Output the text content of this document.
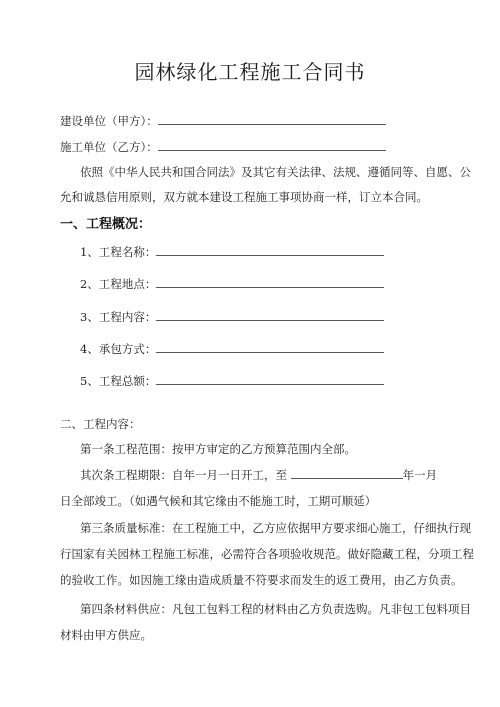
园林绿化工程施工合同书
建设单位（甲方）：
施工单位（乙方）：
依照《中华人民共和国合同法》及其它有关法律、法规、遵循同等、自愿、公
允和诚恳信用原则，双方就本建设工程施工事项协商一样，订立本合同。
一、工程概况：
1、工程名称：
2、工程地点：
3、工程内容：
4、承包方式：
5、工程总额：
二、工程内容：
第一条工程范围：按甲方审定的乙方预算范围内全部。
其次条工程期限：自年一月一日开工，至	年一月
日全部竣工。（如遇气候和其它缘由不能施工时，工期可顺延）
第三条质量标准：在工程施工中，乙方应依据甲方要求细心施工，仔细执行现
行国家有关园林工程施工标准，必需符合各项验收规范。做好隐藏工程，分项工程
的验收工作。如因施工缘由造成质量不符要求而发生的返工费用，由乙方负责。
第四条材料供应：凡包工包料工程的材料由乙方负责选购。凡非包工包料项目
材料由甲方供应。
